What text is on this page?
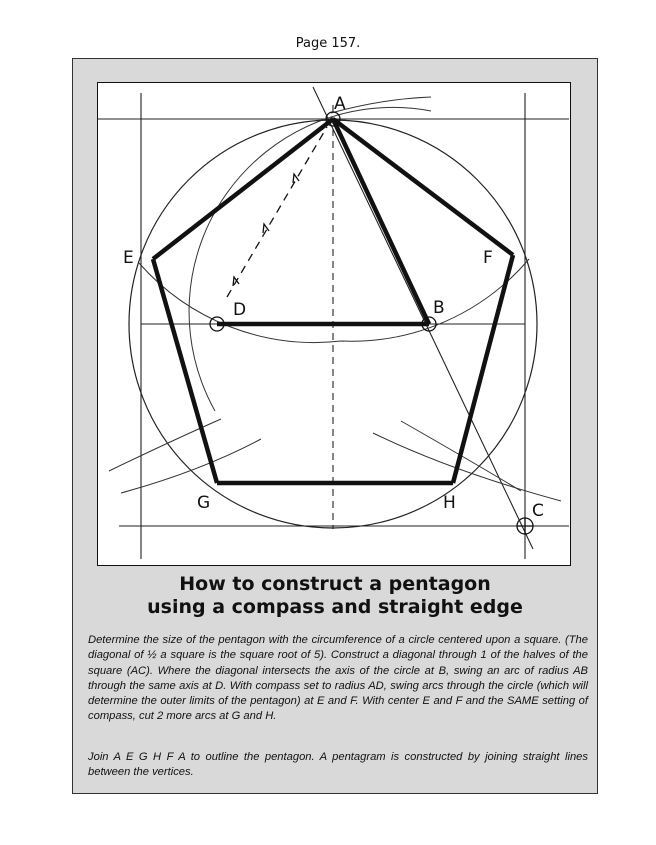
Page 157.
A
B
C
D
E	F
G	H
How to construct a pentagon
using a compass and straight edge

Determine the size of the pentagon with the circumference of a circle centered upon a square. (The diagonal of ½ a square is the square root of 5). Construct a diagonal through 1 of the halves of the square (AC). Where the diagonal intersects the axis of the circle at B, swing an arc of radius AB through the same axis at D. With compass set to radius AD, swing arcs through the circle (which will determine the outer limits of the pentagon) at E and F. With center E and F and the SAME setting of compass, cut 2 more arcs at G and H.

Join A E G H F A to outline the pentagon. A pentagram is constructed by joining straight lines between the vertices.
